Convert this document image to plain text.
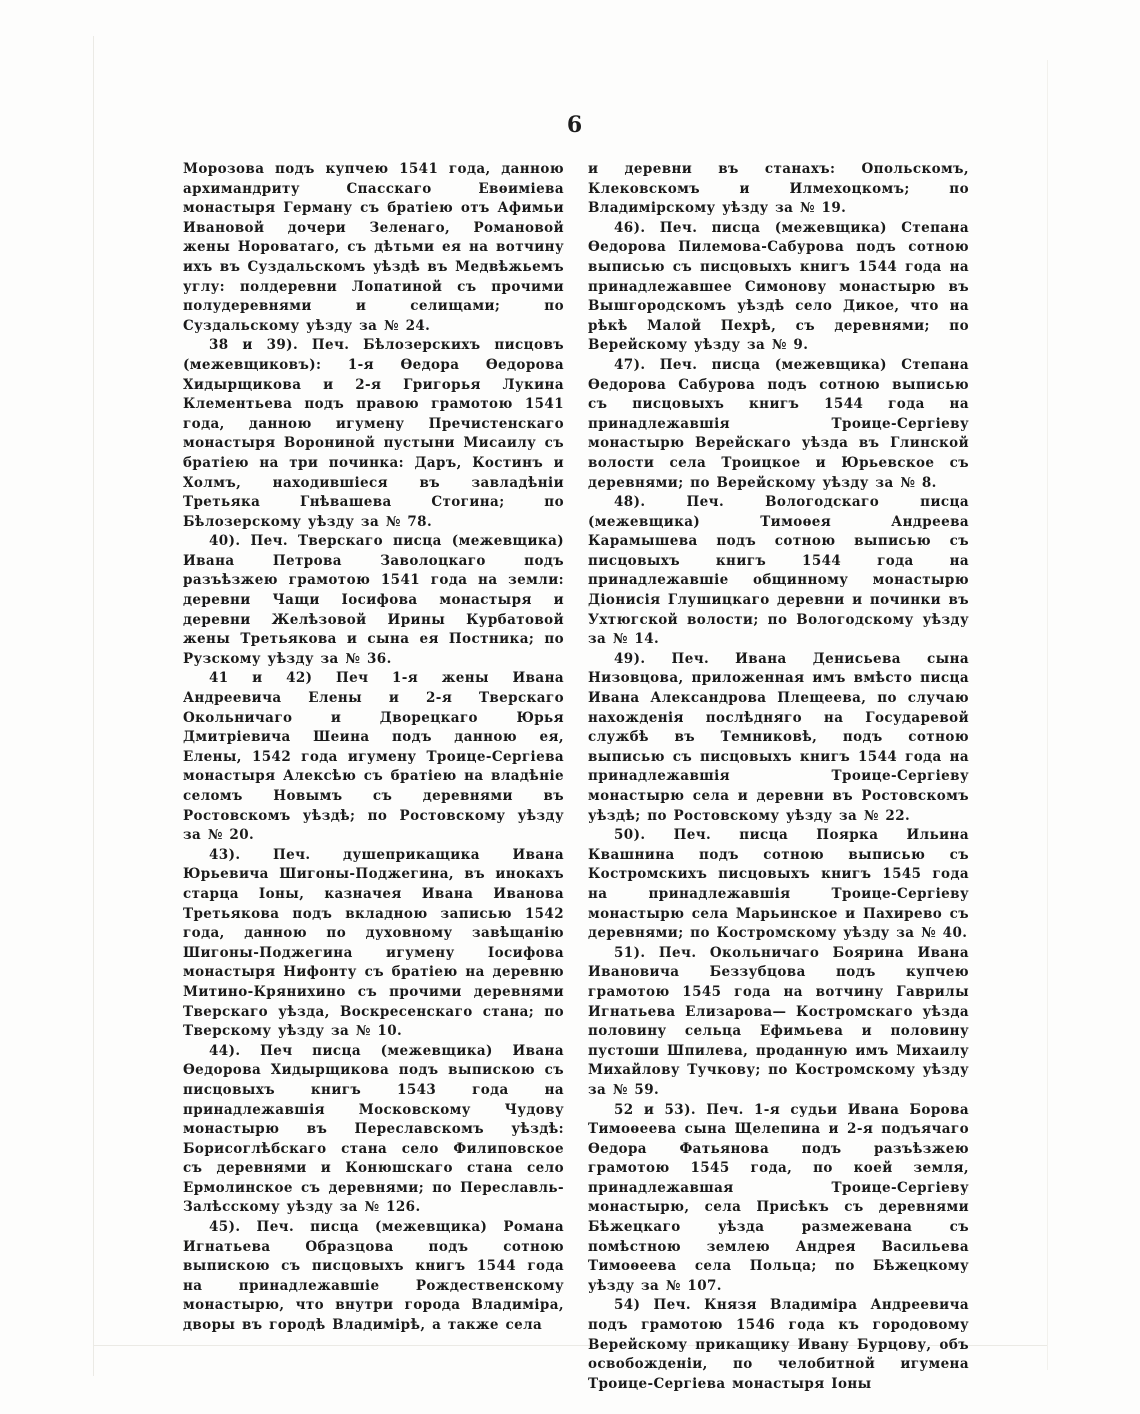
6

Морозова подъ купчею 1541 года, данною архимандриту Спасскаго Евѳиміева монастыря Герману съ братіею отъ Афимьи Ивановой дочери Зеленаго, Романовой жены Нороватаго, съ дѣтьми ея на вотчину ихъ въ Суздальскомъ уѣздѣ въ Медвѣжьемъ углу: полдеревни Лопатиной съ прочими полудеревнями и селищами; по Суздальскому уѣзду за № 24.

38 и 39). Печ. Бѣлозерскихъ писцовъ (межевщиковъ): 1-я Ѳедора Ѳедорова Хидырщикова и 2-я Григорья Лукина Клементьева подъ правою грамотою 1541 года, данною игумену Пречистенскаго монастыря Ворониной пустыни Мисаилу съ братіею на три починка: Даръ, Костинъ и Холмъ, находившіеся въ завладѣніи Третьяка Гнѣвашева Стогина; по Бѣлозерскому уѣзду за № 78.

40). Печ. Тверскаго писца (межевщика) Ивана Петрова Заволоцкаго подъ разъѣзжею грамотою 1541 года на земли: деревни Чащи Іосифова монастыря и деревни Желѣзовой Ирины Курбатовой жены Третьякова и сына ея Постника; по Рузскому уѣзду за № 36.

41 и 42) Печ 1-я жены Ивана Андреевича Елены и 2-я Тверскаго Окольничаго и Дворецкаго Юрья Дмитріевича Шеина подъ данною ея, Елены, 1542 года игумену Троице-Сергіева монастыря Алексѣю съ братіею на владѣніе селомъ Новымъ съ деревнями въ Ростовскомъ уѣздѣ; по Ростовскому уѣзду за № 20.

43). Печ. душеприкащика Ивана Юрьевича Шигоны-Поджегина, въ инокахъ старца Іоны, казначея Ивана Иванова Третьякова подъ вкладною записью 1542 года, данною по духовному завѣщанію Шигоны-Поджегина игумену Іосифова монастыря Нифонту съ братіею на деревню Митино-Крянихино съ прочими деревнями Тверскаго уѣзда, Воскресенскаго стана; по Тверскому уѣзду за № 10.

44). Печ писца (межевщика) Ивана Ѳедорова Хидырщикова подъ выпискою съ писцовыхъ книгъ 1543 года на принадлежавшія Московскому Чудову монастырю въ Переславскомъ уѣздѣ: Борисоглѣбскаго стана село Филиповское съ деревнями и Конюшскаго стана село Ермолинское съ деревнями; по Переславль-Залѣсскому уѣзду за № 126.

45). Печ. писца (межевщика) Романа Игнатьева Образцова подъ сотною выпискою съ писцовыхъ книгъ 1544 года на принадлежавшіе Рождественскому монастырю, что внутри города Владиміра, дворы въ городѣ Владимірѣ, а также села

и деревни въ станахъ: Опольскомъ, Клековскомъ и Илмехоцкомъ; по Владимірскому уѣзду за № 19.

46). Печ. писца (межевщика) Степана Ѳедорова Пилемова-Сабурова подъ сотною выписью съ писцовыхъ книгъ 1544 года на принадлежавшее Симонову монастырю въ Вышгородскомъ уѣздѣ село Дикое, что на рѣкѣ Малой Пехрѣ, съ деревнями; по Верейскому уѣзду за № 9.

47). Печ. писца (межевщика) Степана Ѳедорова Сабурова подъ сотною выписью съ писцовыхъ книгъ 1544 года на принадлежавшія Троице-Сергіеву монастырю Верейскаго уѣзда въ Глинской волости села Троицкое и Юрьевское съ деревнями; по Верейскому уѣзду за № 8.

48). Печ. Вологодскаго писца (межевщика) Тимоѳея Андреева Карамышева подъ сотною выписью съ писцовыхъ книгъ 1544 года на принадлежавшіе общинному монастырю Діонисія Глушицкаго деревни и починки въ Ухтюгской волости; по Вологодскому уѣзду за № 14.

49). Печ. Ивана Денисьева сына Низовцова, приложенная имъ вмѣсто писца Ивана Александрова Плещеева, по случаю нахожденія послѣдняго на Государевой службѣ въ Темниковѣ, подъ сотною выписью съ писцовыхъ книгъ 1544 года на принадлежавшія Троице-Сергіеву монастырю села и деревни въ Ростовскомъ уѣздѣ; по Ростовскому уѣзду за № 22.

50). Печ. писца Поярка Ильина Квашнина подъ сотною выписью съ Костромскихъ писцовыхъ книгъ 1545 года на принадлежавшія Троице-Сергіеву монастырю села Марьинское и Пахирево съ деревнями; по Костромскому уѣзду за № 40.

51). Печ. Окольничаго Боярина Ивана Ивановича Беззубцова подъ купчею грамотою 1545 года на вотчину Гаврилы Игнатьева Елизарова— Костромскаго уѣзда половину сельца Ефимьева и половину пустоши Шпилева, проданную имъ Михаилу Михайлову Тучкову; по Костромскому уѣзду за № 59.

52 и 53). Печ. 1-я судьи Ивана Борова Тимоѳеева сына Щелепина и 2-я подъячаго Ѳедора Фатьянова подъ разъѣзжею грамотою 1545 года, по коей земля, принадлежавшая Троице-Сергіеву монастырю, села Присѣкъ съ деревнями Бѣжецкаго уѣзда размежевана съ помѣстною землею Андрея Васильева Тимоѳеева села Польца; по Бѣжецкому уѣзду за № 107.

54) Печ. Князя Владиміра Андреевича подъ грамотою 1546 года къ городовому Верейскому прикащику Ивану Бурцову, объ освобожденіи, по челобитной игумена Троице-Сергіева монастыря Іоны
